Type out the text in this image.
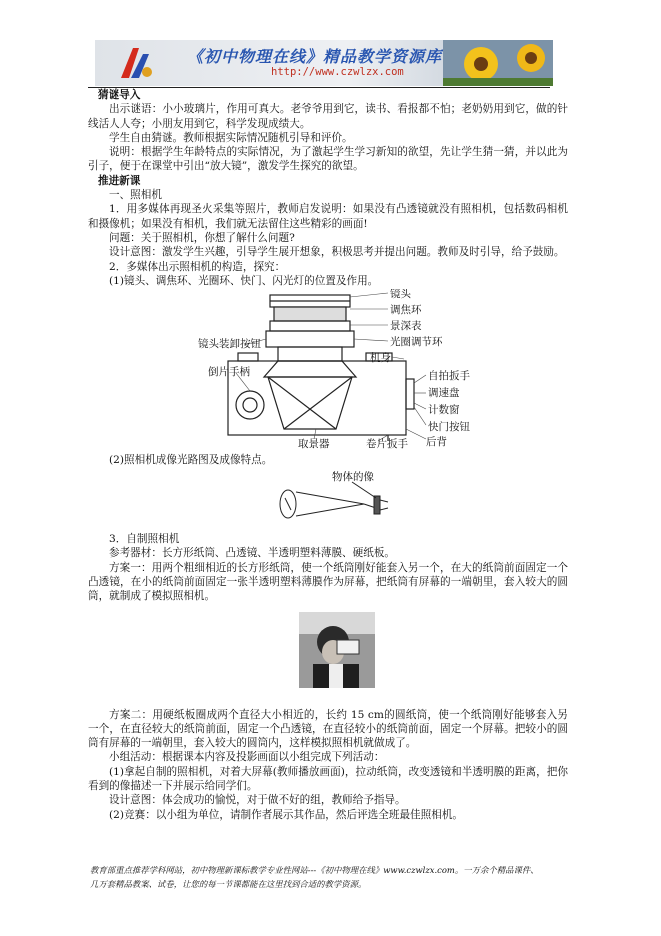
《初中物理在线》精品教学资源库
http://www.czwlzx.com

猜谜导入

出示谜语：小小玻璃片，作用可真大。老爷爷用到它，读书、看报都不怕；老奶奶用到它，做的针线活人人夸；小朋友用到它，科学发现成绩大。

学生自由猜谜。教师根据实际情况随机引导和评价。

说明：根据学生年龄特点的实际情况，为了激起学生学习新知的欲望，先让学生猜一猜，并以此为引子，便于在课堂中引出“放大镜”，激发学生探究的欲望。

推进新课

一、照相机

1．用多媒体再现圣火采集等照片，教师启发说明：如果没有凸透镜就没有照相机，包括数码相机和摄像机；如果没有相机，我们就无法留住这些精彩的画面!

问题：关于照相机，你想了解什么问题?

设计意图：激发学生兴趣，引导学生展开想象，积极思考并提出问题。教师及时引导，给予鼓励。

2．多媒体出示照相机的构造，探究：

(1)镜头、调焦环、光圈环、快门、闪光灯的位置及作用。

镜头
调焦环
景深表
光圈调节环
镜头装卸按钮
倒片手柄
机身
自拍扳手
调速盘
计数窗
快门按钮
后背
取景器	卷片扳手

(2)照相机成像光路图及成像特点。

物体的像

3．自制照相机

参考器材：长方形纸筒、凸透镜、半透明塑料薄膜、硬纸板。

方案一：用两个粗细相近的长方形纸筒，使一个纸筒刚好能套入另一个，在大的纸筒前面固定一个凸透镜，在小的纸筒前面固定一张半透明塑料薄膜作为屏幕，把纸筒有屏幕的一端朝里，套入较大的圆筒，就制成了模拟照相机。

方案二：用硬纸板圈成两个直径大小相近的，长约 15 cm的圆纸筒，使一个纸筒刚好能够套入另一个，在直径较大的纸筒前面，固定一个凸透镜，在直径较小的纸筒前面，固定一个屏幕。把较小的圆筒有屏幕的一端朝里，套入较大的圆筒内，这样模拟照相机就做成了。

小组活动：根据课本内容及投影画面以小组完成下列活动：

(1)拿起自制的照相机，对着大屏幕(教师播放画面)，拉动纸筒，改变透镜和半透明膜的距离，把你看到的像描述一下并展示给同学们。

设计意图：体会成功的愉悦，对于做不好的组，教师给予指导。

(2)竞赛：以小组为单位，请制作者展示其作品，然后评选全班最佳照相机。

教育部重点推荐学科网站，初中物理新课标教学专业性网站---《初中物理在线》www.czwlzx.com。一万余个精品课件、
几万套精品教案、试卷，让您的每一节课都能在这里找到合适的教学资源。
